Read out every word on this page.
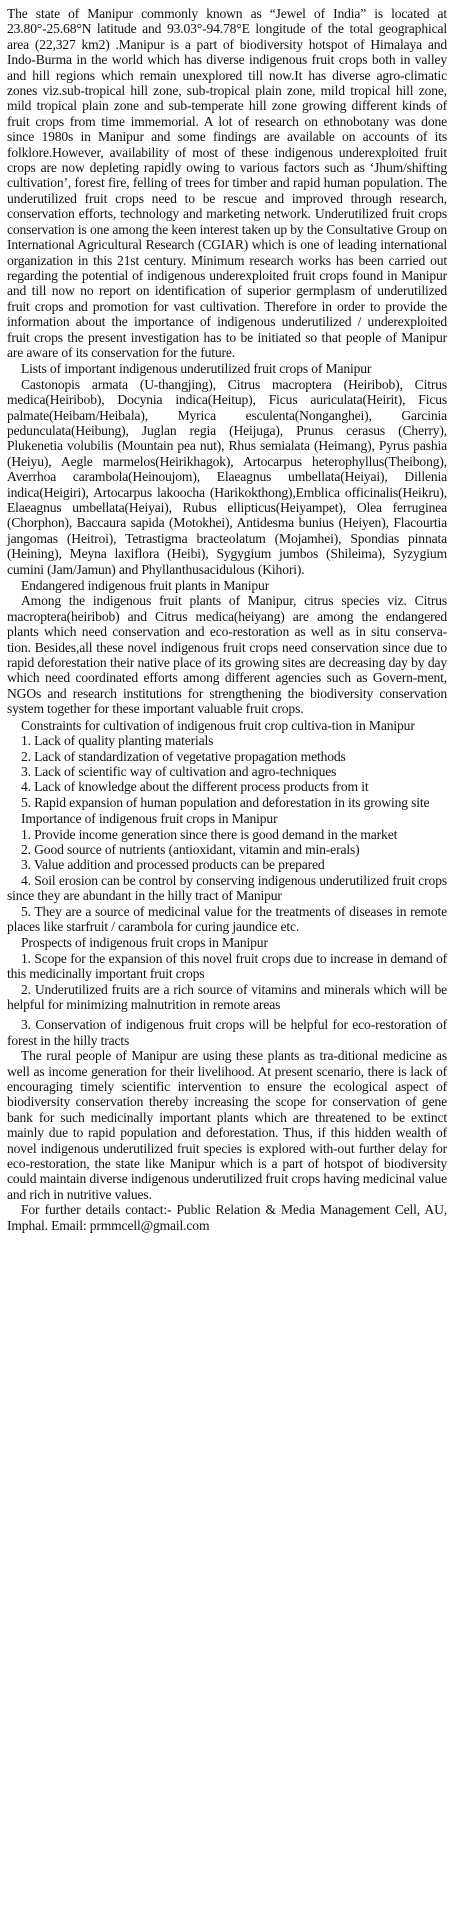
The state of Manipur commonly known as “Jewel of India” is located at 23.80°-25.68°N latitude and 93.03°-94.78°E longitude of the total geographical area (22,327 km2) .Manipur is a part of biodiversity hotspot of Himalaya and Indo-Burma in the world which has diverse indigenous fruit crops both in valley and hill regions which remain unexplored till now.It has diverse agro-climatic zones viz.sub-tropical hill zone, sub-tropical plain zone, mild tropical hill zone, mild tropical plain zone and sub-temperate hill zone growing different kinds of fruit crops from time immemorial. A lot of research on ethnobotany was done since 1980s in Manipur and some findings are available on accounts of its folklore.However, availability of most of these indigenous underexploited fruit crops are now depleting rapidly owing to various factors such as ‘Jhum/shifting cultivation’, forest fire, felling of trees for timber and rapid human population. The underutilized fruit crops need to be rescue and improved through research, conservation efforts, technology and marketing network. Underutilized fruit crops conservation is one among the keen interest taken up by the Consultative Group on International Agricultural Research (CGIAR) which is one of leading international organization in this 21st century. Minimum research works has been carried out regarding the potential of indigenous underexploited fruit crops found in Manipur and till now no report on identification of superior germplasm of underutilized fruit crops and promotion for vast cultivation. Therefore in order to provide the information about the importance of indigenous underutilized / underexploited fruit crops the present investigation has to be initiated so that people of Manipur are aware of its conservation for the future.

Lists of important indigenous underutilized fruit crops of Manipur

Castonopis armata (U-thangjing), Citrus macroptera (Heiribob), Citrus medica(Heiribob), Docynia indica(Heitup), Ficus auriculata(Heirit), Ficus palmate(Heibam/Heibala), Myrica esculenta(Nonganghei), Garcinia pedunculata(Heibung), Juglan regia (Heijuga), Prunus cerasus (Cherry), Plukenetia volubilis (Mountain pea nut), Rhus semialata (Heimang), Pyrus pashia (Heiyu), Aegle marmelos(Heirikhagok), Artocarpus heterophyllus(Theibong), Averrhoa carambola(Heinoujom), Elaeagnus umbellata(Heiyai), Dillenia indica(Heigiri), Artocarpus lakoocha (Harikokthong),Emblica officinalis(Heikru), Elaeagnus umbellata(Heiyai), Rubus ellipticus(Heiyampet), Olea ferruginea (Chorphon), Baccaura sapida (Motokhei), Antidesma bunius (Heiyen), Flacourtia jangomas (Heitroi), Tetrastigma bracteolatum (Mojamhei), Spondias pinnata (Heining), Meyna laxiflora (Heibi), Sygygium jumbos (Shileima), Syzygium cumini (Jam/Jamun) and Phyllanthusacidulous (Kihori).

Endangered indigenous fruit plants in Manipur

Among the indigenous fruit plants of Manipur, citrus species viz. Citrus macroptera(heiribob) and Citrus medica(heiyang) are among the endangered plants which need conservation and eco-restoration as well as in situ conserva-tion. Besides,all these novel indigenous fruit crops need conservation since due to rapid deforestation their native place of its growing sites are decreasing day by day which need coordinated efforts among different agencies such as Govern-ment, NGOs and research institutions for strengthening the biodiversity conservation system together for these important valuable fruit crops.

Constraints for cultivation of indigenous fruit crop cultiva-tion in Manipur

1. Lack of quality planting materials

2. Lack of standardization of vegetative propagation methods

3. Lack of scientific way of cultivation and agro-techniques

4. Lack of knowledge about the different process products from it

5. Rapid expansion of human population and deforestation in its growing site

Importance of indigenous fruit crops in Manipur

1. Provide income generation since there is good demand in the market

2. Good source of nutrients (antioxidant, vitamin and min-erals)

3. Value addition and processed products can be prepared

4. Soil erosion can be control by conserving indigenous underutilized fruit crops since they are abundant in the hilly tract of Manipur

5. They are a source of medicinal value for the treatments of diseases in remote places like starfruit / carambola for curing jaundice etc.

Prospects of indigenous fruit crops in Manipur

1. Scope for the expansion of this novel fruit crops due to increase in demand of this medicinally important fruit crops

2. Underutilized fruits are a rich source of vitamins and minerals which will be helpful for minimizing malnutrition in remote areas

3. Conservation of indigenous fruit crops will be helpful for eco-restoration of forest in the hilly tracts

The rural people of Manipur are using these plants as tra-ditional medicine as well as income generation for their livelihood. At present scenario, there is lack of encouraging timely scientific intervention to ensure the ecological aspect of biodiversity conservation thereby increasing the scope for conservation of gene bank for such medicinally important plants which are threatened to be extinct mainly due to rapid population and deforestation. Thus, if this hidden wealth of novel indigenous underutilized fruit species is explored with-out further delay for eco-restoration, the state like Manipur which is a part of hotspot of biodiversity could maintain diverse indigenous underutilized fruit crops having medicinal value and rich in nutritive values.

For further details contact:- Public Relation & Media Management Cell, AU, Imphal. Email: prmmcell@gmail.com
